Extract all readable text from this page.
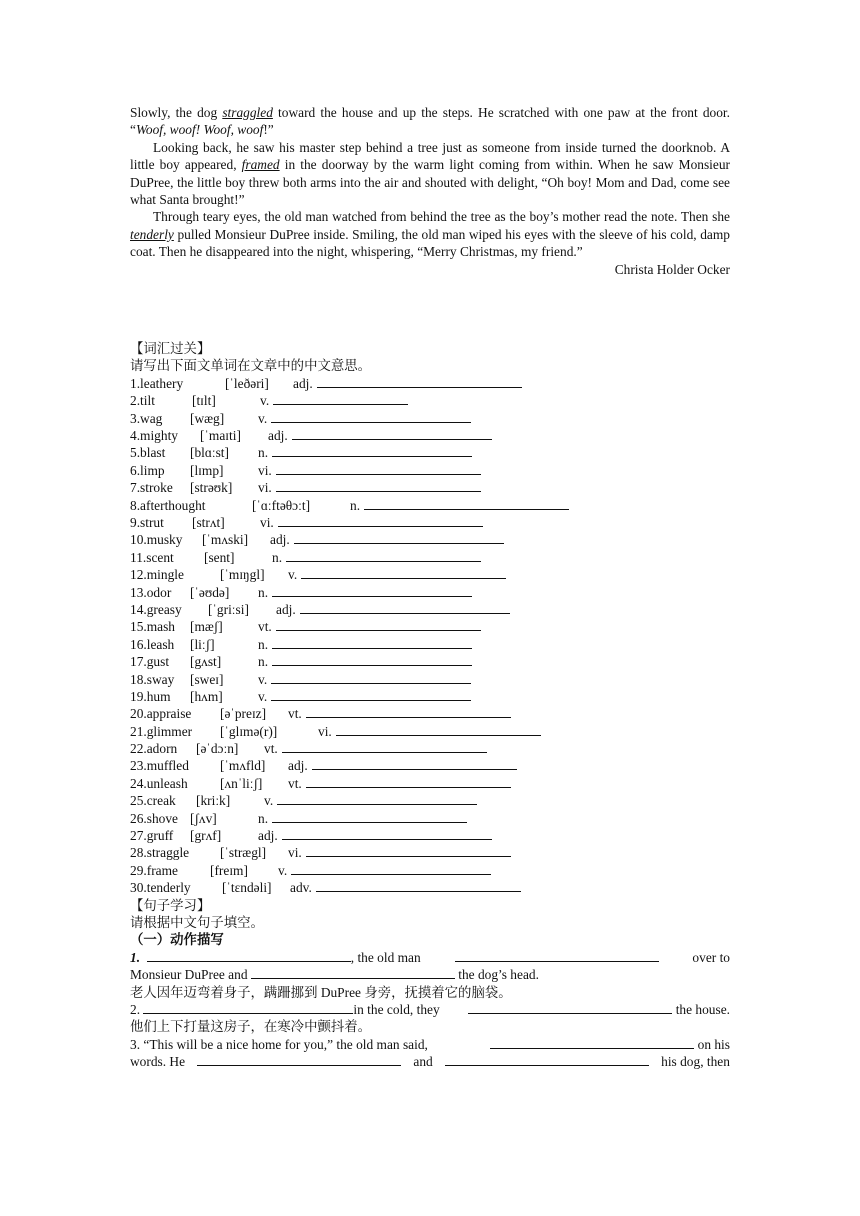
Slowly, the dog straggled toward the house and up the steps. He scratched with one paw at the front door. “Woof, woof! Woof, woof!”

Looking back, he saw his master step behind a tree just as someone from inside turned the doorknob. A little boy appeared, framed in the doorway by the warm light coming from within. When he saw Monsieur DuPree, the little boy threw both arms into the air and shouted with delight, “Oh boy! Mom and Dad, come see what Santa brought!”

Through teary eyes, the old man watched from behind the tree as the boy’s mother read the note. Then she tenderly pulled Monsieur DuPree inside. Smiling, the old man wiped his eyes with the sleeve of his cold, damp coat. Then he disappeared into the night, whispering, “Merry Christmas, my friend.”

Christa Holder Ocker

【词汇过关】
请写出下面文单词在文章中的中文意思。
1.leathery	[ˈleðəri]	adj.
2.tilt	[tɪlt]	v.
3.wag	[wæg]	v.
4.mighty	[ˈmaɪti]	adj.
5.blast	[blɑːst]	n.
6.limp	[lɪmp]	vi.
7.stroke	[strəʊk]	vi.
8.afterthought	[ˈɑːftəθɔːt]	n.
9.strut	[strʌt]	vi.
10.musky	[ˈmʌski]	adj.
11.scent	[sent]	n.
12.mingle	[ˈmɪŋgl]	v.
13.odor	[ˈəʊdə]	n.
14.greasy	[ˈgriːsi]	adj.
15.mash	[mæʃ]	vt.
16.leash	[liːʃ]	n.
17.gust	[gʌst]	n.
18.sway	[sweɪ]	v.
19.hum	[hʌm]	v.
20.appraise	[əˈpreɪz]	vt.
21.glimmer	[ˈglɪmə(r)]	vi.
22.adorn	[əˈdɔːn]	vt.
23.muffled	[ˈmʌfld]	adj.
24.unleash	[ʌnˈliːʃ]	vt.
25.creak	[kriːk]	v.
26.shove [ʃʌv]	n.
27.gruff	[grʌf]	adj.
28.straggle	[ˈstrægl]	vi.
29.frame	[freɪm]	v.
30.tenderly	[ˈtɛndəli]	adv.
【句子学习】
请根据中文句子填空。
（一）动作描写
1.	, the old man	over to
Monsieur DuPree and	the dog’s head.
老人因年迈弯着身子，蹒跚挪到 DuPree 身旁，抚摸着它的脑袋。
2.	in the cold, they	the house.
他们上下打量这房子，在寒冷中颤抖着。
3. “This will be a nice home for you,” the old man said,	on his
words. He	and	his dog, then
